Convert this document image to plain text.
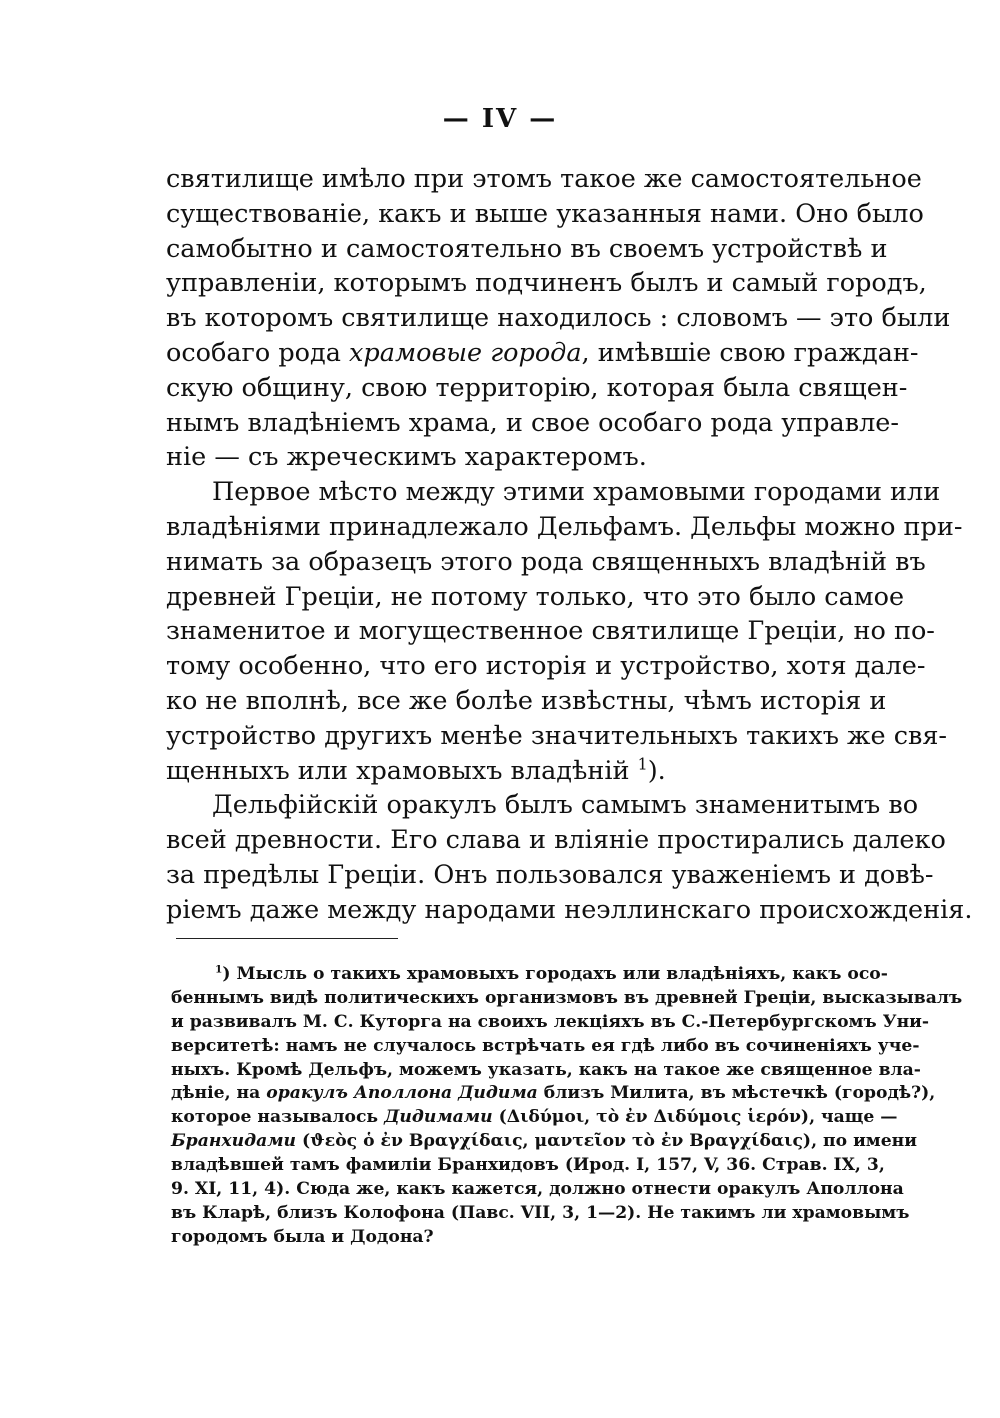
— IV —
святилище имѣло при этомъ такое же самостоятельное
существованіе, какъ и выше указанныя нами. Оно было
самобытно и самостоятельно въ своемъ устройствѣ и
управленіи, которымъ подчиненъ былъ и самый городъ,
въ которомъ святилище находилось : словомъ — это были
особаго рода храмовые города, имѣвшіе свою граждан-
скую общину, свою территорію, которая была священ-
нымъ владѣніемъ храма, и свое особаго рода управле-
ніе — съ жреческимъ характеромъ.
Первое мѣсто между этими храмовыми городами или
владѣніями принадлежало Дельфамъ. Дельфы можно при-
нимать за образецъ этого рода священныхъ владѣній въ
древней Греціи, не потому только, что это было самое
знаменитое и могущественное святилище Греціи, но по-
тому особенно, что его исторія и устройство, хотя дале-
ко не вполнѣ, все же болѣе извѣстны, чѣмъ исторія и
устройство другихъ менѣе значительныхъ такихъ же свя-
щенныхъ или храмовыхъ владѣній $^1$).
Дельфійскій оракулъ былъ самымъ знаменитымъ во
всей древности. Его слава и вліяніе простирались далеко
за предѣлы Греціи. Онъ пользовался уваженіемъ и довѣ-
ріемъ даже между народами неэллинскаго происхожденія.
$^1$) Мысль о такихъ храмовыхъ городахъ или владѣніяхъ, какъ осо-
беннымъ видѣ политическихъ организмовъ въ древней Греціи, высказывалъ
и развивалъ М. С. Куторга на своихъ лекціяхъ въ С.-Петербургскомъ Уни-
верситетѣ: намъ не случалось встрѣчать ея гдѣ либо въ сочиненіяхъ уче-
ныхъ. Кромѣ Дельфъ, можемъ указать, какъ на такое же священное вла-
дѣніе, на оракулъ Аполлона Дидима близъ Милита, въ мѣстечкѣ (городѣ?),
которое называлось Дидимами (Διδύμοι, τὸ ἐν Διδύμοις ἱερόν), чаще —
Бранхидами (ϑεὸς ὁ ἐν Βραγχίδαις, μαντεῖον τὸ ἐν Βραγχίδαις), по имени
владѣвшей тамъ фамиліи Бранхидовъ (Ирод. I, 157, V, 36. Страв. IX, 3,
9. XI, 11, 4). Сюда же, какъ кажется, должно отнести оракулъ Аполлона
въ Кларѣ, близъ Колофона (Павс. VII, 3, 1—2). Не такимъ ли храмовымъ
городомъ была и Додона?
